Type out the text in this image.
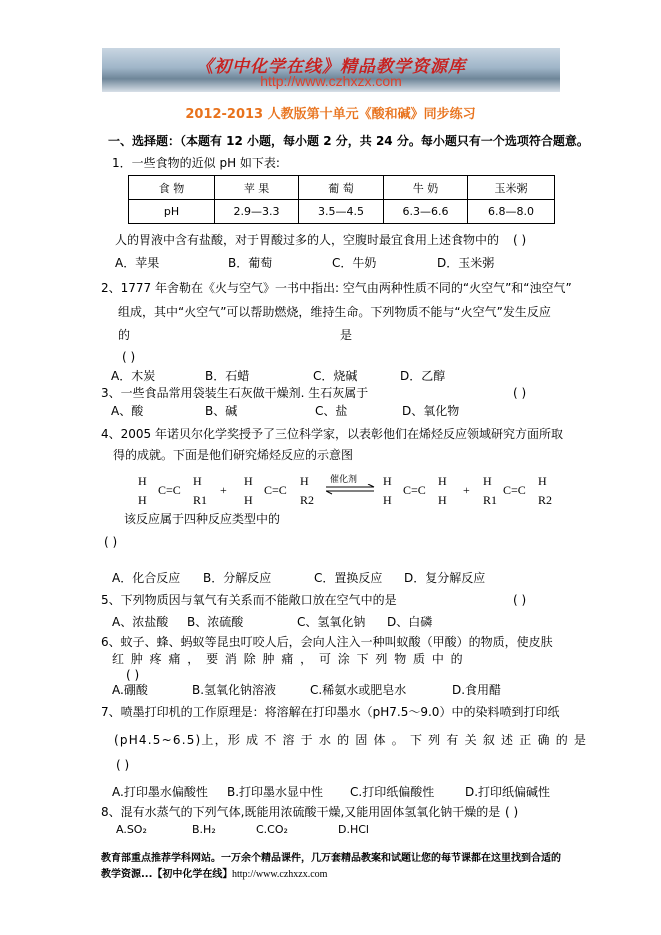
《初中化学在线》精品教学资源库
http://www.czhxzx.com
2012-2013 人教版第十单元《酸和碱》同步练习
一、选择题：（本题有 12 小题，每小题 2 分，共 24 分。每小题只有一个选项符合题意。
1．一些食物的近似 pH 如下表:
食 物	苹 果	葡 萄	牛 奶	玉米粥
pH	2.9—3.3	3.5—4.5	6.3—6.6	6.8—8.0
人的胃液中含有盐酸，对于胃酸过多的人，空腹时最宜食用上述食物中的 ( )
A．苹果	B．葡萄	C．牛奶	D．玉米粥
2、1777 年舍勒在《火与空气》一书中指出: 空气由两种性质不同的“火空气”和“浊空气”
组成，其中“火空气”可以帮助燃烧，维持生命。下列物质不能与“火空气”发生反应
的	是
( )
A．木炭	B．石蜡	C．烧碱	D．乙醇
3、一些食品常用袋装生石灰做干燥剂. 生石灰属于	( )
A、酸	B、碱	C、盐	D、氧化物
4、2005 年诺贝尔化学奖授予了三位科学家，以表彰他们在烯烃反应领域研究方面所取
得的成就。下面是他们研究烯烃反应的示意图
H
H
C=C
H
R1
+
H
H
C=C
H
R2
催化剂 H
H
C=C
H
H
+
H
R1
C=C
H
R2
该反应属于四种反应类型中的
( )
A．化合反应 B．分解反应	C．置换反应 D．复分解反应
5、下列物质因与氧气有关系而不能敞口放在空气中的是	( )
A、浓盐酸 B、浓硫酸	C、氢氧化钠 D、白磷
6、蚊子、蜂、蚂蚁等昆虫叮咬人后，会向人注入一种叫蚁酸（甲酸）的物质，使皮肤
红 肿 疼 痛 ， 要 消 除 肿 痛 ， 可 涂 下 列 物 质 中 的
( )
A.硼酸	B.氢氧化钠溶液	C.稀氨水或肥皂水	D.食用醋
7、喷墨打印机的工作原理是：将溶解在打印墨水（pH7.5～9.0）中的染料喷到打印纸
(pH4.5~6.5)上，形 成 不 溶 于 水 的 固 体 。 下 列 有 关 叙 述 正 确 的 是
( )
A.打印墨水偏酸性 B.打印墨水显中性 C.打印纸偏酸性	D.打印纸偏碱性
8、混有水蒸气的下列气体,既能用浓硫酸干燥,又能用固体氢氧化钠干燥的是 ( )
A.SO₂	B.H₂	C.CO₂	D.HCl
教育部重点推荐学科网站。一万余个精品课件，几万套精品教案和试题让您的每节课都在这里找到合适的
教学资源...【初中化学在线】 http://www.czhxzx.com
